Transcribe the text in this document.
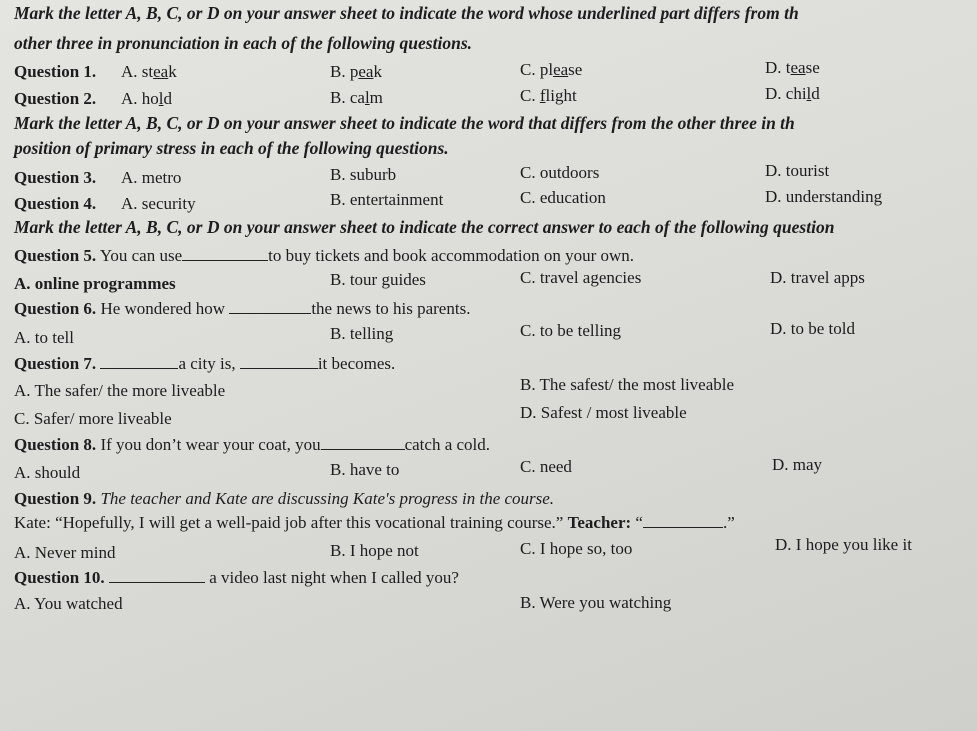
Mark the letter A, B, C, or D on your answer sheet to indicate the word whose underlined part differs from th
other three in pronunciation in each of the following questions.
Question 1. A. steak	B. peak	C. please	D. tease
Question 2. A. hold	B. calm	C. flight	D. child
Mark the letter A, B, C, or D on your answer sheet to indicate the word that differs from the other three in th
position of primary stress in each of the following questions.
Question 3. A. metro	B. suburb	C. outdoors	D. tourist
Question 4. A. security	B. entertainment	C. education	D. understanding
Mark the letter A, B, C, or D on your answer sheet to indicate the correct answer to each of the following question
Question 5. You can use	to buy tickets and book accommodation on your own.
A. online programmes	B. tour guides	C. travel agencies	D. travel apps
Question 6. He wondered how	the news to his parents.
A. to tell	B. telling	C. to be telling	D. to be told
Question 7.	a city is,	it becomes.
A. The safer/ the more liveable	B. The safest/ the most liveable
C. Safer/ more liveable	D. Safest / most liveable
Question 8. If you don’t wear your coat, you	catch a cold.
A. should	B. have to	C. need	D. may
Question 9. The teacher and Kate are discussing Kate's progress in the course.
Kate: “Hopefully, I will get a well-paid job after this vocational training course.” Teacher: “	.”
A. Never mind	B. I hope not	C. I hope so, too	D. I hope you like it
Question 10.	a video last night when I called you?
A. You watched	B. Were you watching
